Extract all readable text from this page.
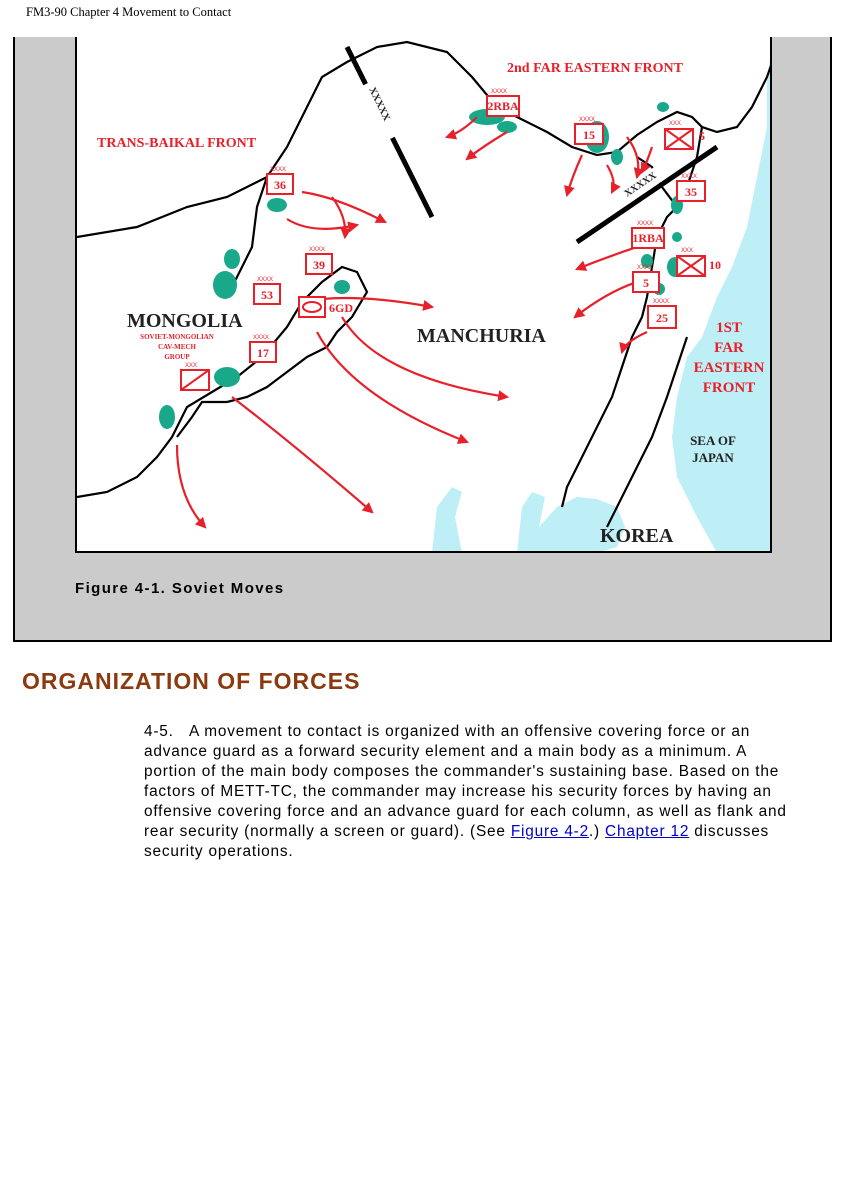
FM3-90 Chapter 4 Movement to Contact
XXXXX
XXXXX
XXXX
36
XXXX
39
XXXX
53
6GD
XXXX
17
XXX
XXXX
2RBA
XXXX
15
XXX
5
XXXX
35
XXXX
1RBA
XXX
10
XXXX
5
XXXX
25
TRANS-BAIKAL FRONT
2nd FAR EASTERN FRONT
MONGOLIA
SOVIET-MONGOLIAN
CAV-MECH
GROUP
MANCHURIA	1ST
FAR
EASTERN
FRONT
SEA OF
JAPAN
KOREA
Figure 4-1. Soviet Moves
ORGANIZATION OF FORCES
4-5. A movement to contact is organized with an offensive covering force or an advance guard as a forward security element and a main body as a minimum. A portion of the main body composes the commander's sustaining base. Based on the factors of METT-TC, the commander may increase his security forces by having an offensive covering force and an advance guard for each column, as well as flank and rear security (normally a screen or guard). (See Figure 4-2.) Chapter 12 discusses security operations.
